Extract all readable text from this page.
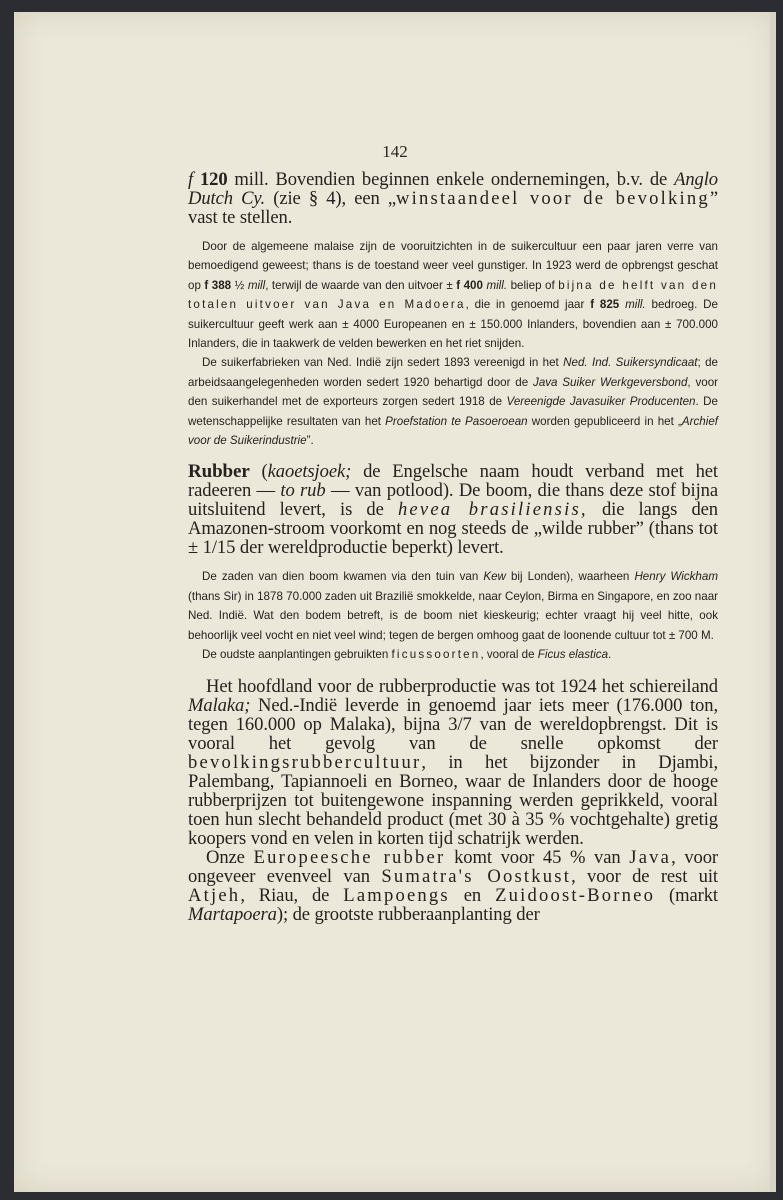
142

f 120 mill. Bovendien beginnen enkele ondernemingen, b.v. de Anglo Dutch Cy. (zie § 4), een „winstaandeel voor de bevolking” vast te stellen.

Door de algemeene malaise zijn de vooruitzichten in de suikercultuur een paar jaren verre van bemoedigend geweest; thans is de toestand weer veel gunstiger. In 1923 werd de opbrengst geschat op f 388 ½ mill, terwijl de waarde van den uitvoer ± f 400 mill. beliep of bijna de helft van den totalen uitvoer van Java en Madoera, die in genoemd jaar f 825 mill. bedroeg. De suikercultuur geeft werk aan ± 4000 Europeanen en ± 150.000 Inlanders, bovendien aan ± 700.000 Inlanders, die in taakwerk de velden bewerken en het riet snijden.

De suikerfabrieken van Ned. Indië zijn sedert 1893 vereenigd in het Ned. Ind. Suikersyndicaat; de arbeidsaangelegenheden worden sedert 1920 behartigd door de Java Suiker Werkgeversbond, voor den suikerhandel met de exporteurs zorgen sedert 1918 de Vereenigde Javasuiker Producenten. De wetenschappelijke resultaten van het Proefstation te Pasoeroean worden gepubliceerd in het „Archief voor de Suikerindustrie”.

Rubber (kaoetsjoek; de Engelsche naam houdt verband met het radeeren — to rub — van potlood). De boom, die thans deze stof bijna uitsluitend levert, is de hevea brasiliensis, die langs den Amazonen-stroom voorkomt en nog steeds de „wilde rubber” (thans tot ± 1/15 der wereldproductie beperkt) levert.

De zaden van dien boom kwamen via den tuin van Kew bij Londen), waarheen Henry Wickham (thans Sir) in 1878 70.000 zaden uit Brazilië smokkelde, naar Ceylon, Birma en Singapore, en zoo naar Ned. Indië. Wat den bodem betreft, is de boom niet kieskeurig; echter vraagt hij veel hitte, ook behoorlijk veel vocht en niet veel wind; tegen de bergen omhoog gaat de loonende cultuur tot ± 700 M.

De oudste aanplantingen gebruikten ficussoorten, vooral de Ficus elastica.

Het hoofdland voor de rubberproductie was tot 1924 het schiereiland Malaka; Ned.-Indië leverde in genoemd jaar iets meer (176.000 ton, tegen 160.000 op Malaka), bijna 3/7 van de wereldopbrengst. Dit is vooral het gevolg van de snelle opkomst der bevolkingsrubbercultuur, in het bijzonder in Djambi, Palembang, Tapiannoeli en Borneo, waar de Inlanders door de hooge rubberprijzen tot buitengewone inspanning werden geprikkeld, vooral toen hun slecht behandeld product (met 30 à 35 % vochtgehalte) gretig koopers vond en velen in korten tijd schatrijk werden.

Onze Europeesche rubber komt voor 45 % van Java, voor ongeveer evenveel van Sumatra's Oostkust, voor de rest uit Atjeh, Riau, de Lampoengs en Zuidoost-Borneo (markt Martapoera); de grootste rubberaanplanting der
